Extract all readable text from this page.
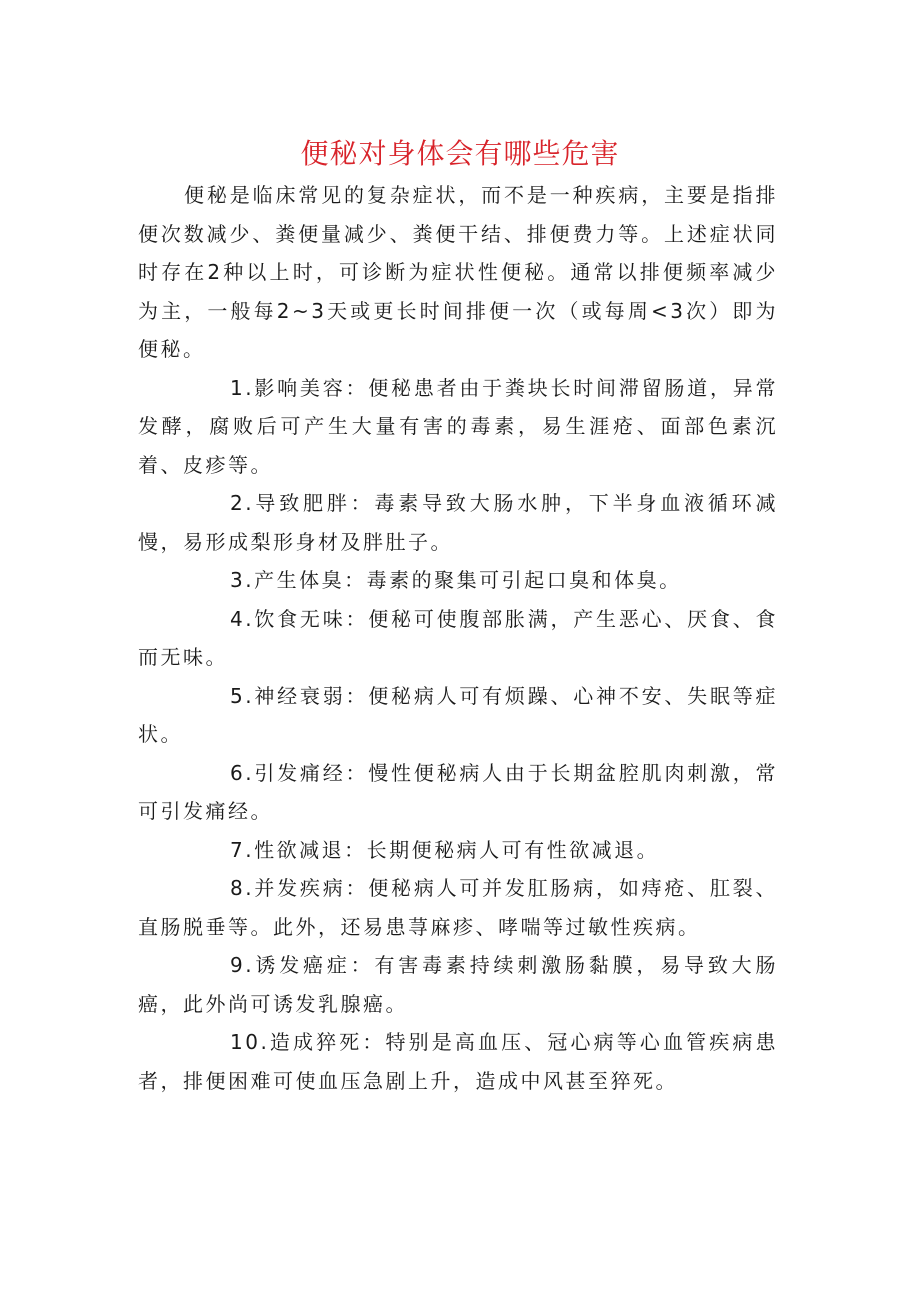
便秘对身体会有哪些危害

便秘是临床常见的复杂症状，而不是一种疾病，主要是指排便次数减少、粪便量减少、粪便干结、排便费力等。上述症状同时存在2种以上时，可诊断为症状性便秘。通常以排便频率减少为主，一般每2~3天或更长时间排便一次（或每周<3次）即为便秘。

1.影响美容：便秘患者由于粪块长时间滞留肠道，异常发酵，腐败后可产生大量有害的毒素，易生涯疮、面部色素沉着、皮疹等。

2.导致肥胖：毒素导致大肠水肿，下半身血液循环减慢，易形成梨形身材及胖肚子。

3.产生体臭：毒素的聚集可引起口臭和体臭。

4.饮食无味：便秘可使腹部胀满，产生恶心、厌食、食而无味。

5.神经衰弱：便秘病人可有烦躁、心神不安、失眠等症状。

6.引发痛经：慢性便秘病人由于长期盆腔肌肉刺激，常可引发痛经。

7.性欲减退：长期便秘病人可有性欲减退。

8.并发疾病：便秘病人可并发肛肠病，如痔疮、肛裂、直肠脱垂等。此外，还易患荨麻疹、哮喘等过敏性疾病。

9.诱发癌症：有害毒素持续刺激肠黏膜，易导致大肠癌，此外尚可诱发乳腺癌。

10.造成猝死：特别是高血压、冠心病等心血管疾病患者，排便困难可使血压急剧上升，造成中风甚至猝死。
